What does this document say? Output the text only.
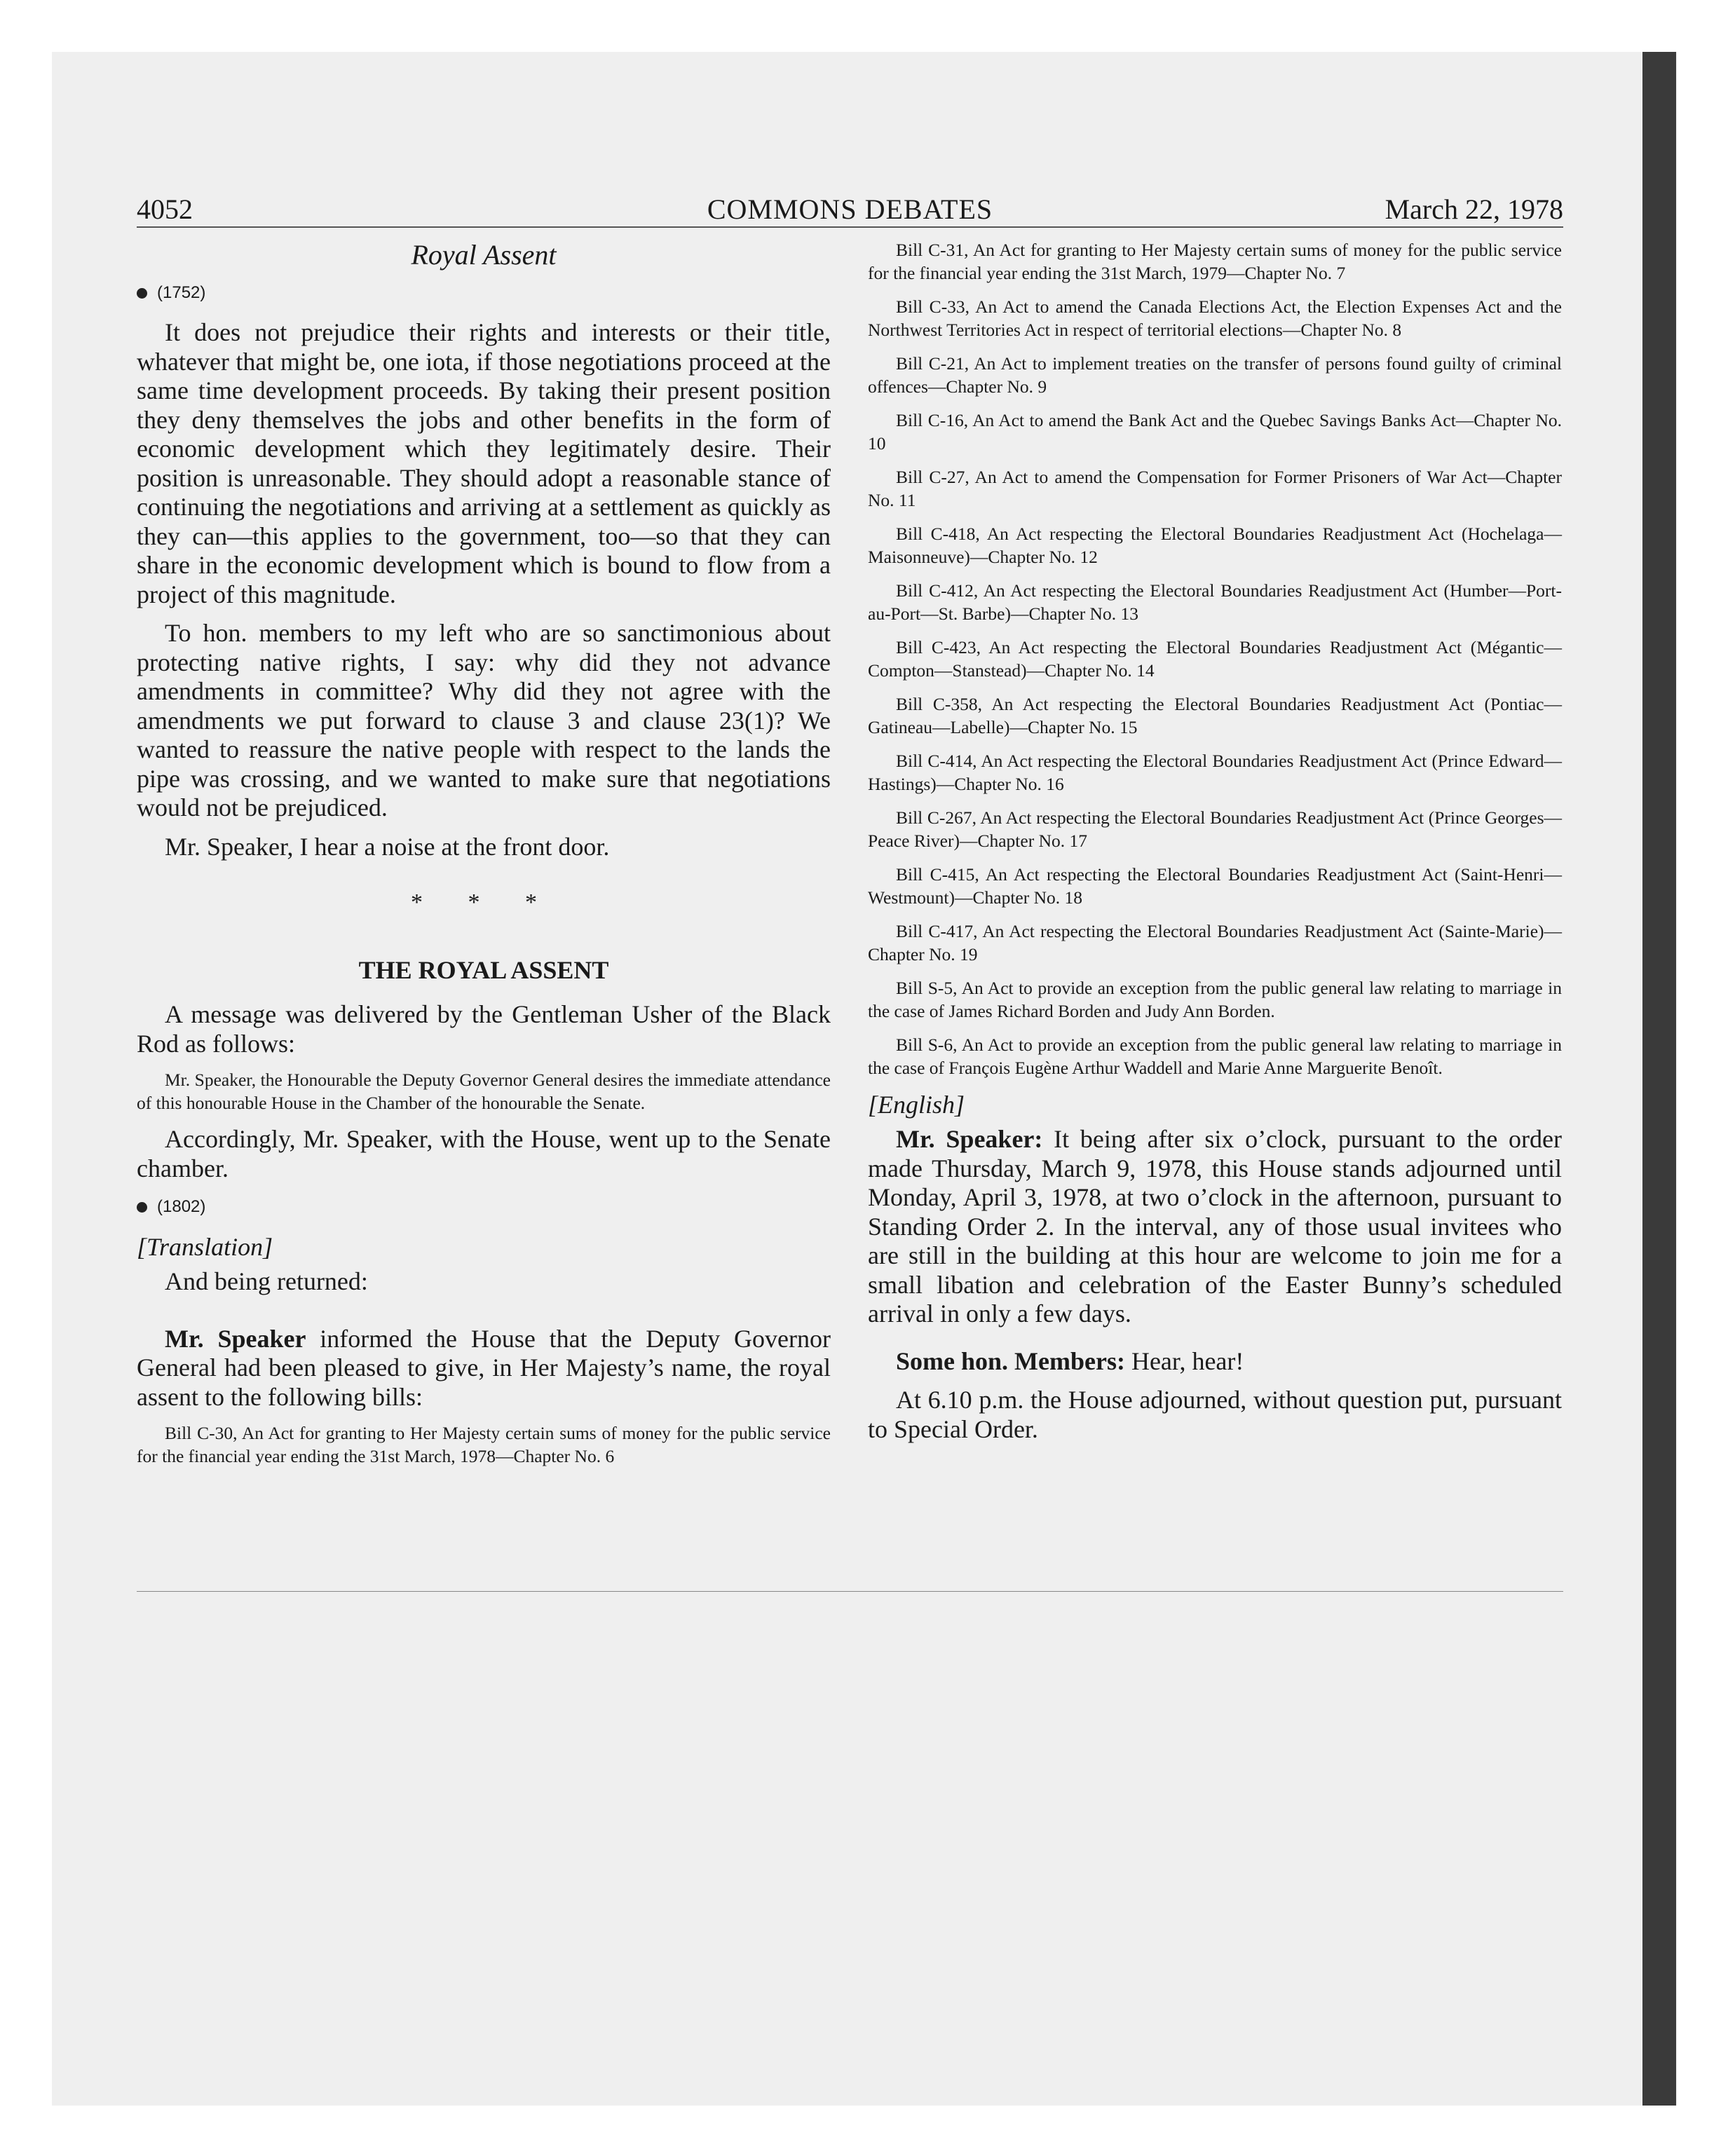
4052	COMMONS DEBATES	March 22, 1978
Royal Assent
(1752)

It does not prejudice their rights and interests or their title, whatever that might be, one iota, if those negotiations proceed at the same time development proceeds. By taking their present position they deny themselves the jobs and other benefits in the form of economic development which they legitimately desire. Their position is unreasonable. They should adopt a reasonable stance of continuing the negotiations and arriving at a settlement as quickly as they can—this applies to the government, too—so that they can share in the economic development which is bound to flow from a project of this magnitude.

To hon. members to my left who are so sanctimonious about protecting native rights, I say: why did they not advance amendments in committee? Why did they not agree with the amendments we put forward to clause 3 and clause 23(1)? We wanted to reassure the native people with respect to the lands the pipe was crossing, and we wanted to make sure that negotiations would not be prejudiced.

Mr. Speaker, I hear a noise at the front door.

* * *
THE ROYAL ASSENT

A message was delivered by the Gentleman Usher of the Black Rod as follows:

Mr. Speaker, the Honourable the Deputy Governor General desires the immediate attendance of this honourable House in the Chamber of the honourable the Senate.

Accordingly, Mr. Speaker, with the House, went up to the Senate chamber.

(1802)
[Translation]

And being returned:

Mr. Speaker informed the House that the Deputy Governor General had been pleased to give, in Her Majesty’s name, the royal assent to the following bills:

Bill C-30, An Act for granting to Her Majesty certain sums of money for the public service for the financial year ending the 31st March, 1978—Chapter No. 6

Bill C-31, An Act for granting to Her Majesty certain sums of money for the public service for the financial year ending the 31st March, 1979—Chapter No. 7

Bill C-33, An Act to amend the Canada Elections Act, the Election Expenses Act and the Northwest Territories Act in respect of territorial elections—Chapter No. 8

Bill C-21, An Act to implement treaties on the transfer of persons found guilty of criminal offences—Chapter No. 9

Bill C-16, An Act to amend the Bank Act and the Quebec Savings Banks Act—Chapter No. 10

Bill C-27, An Act to amend the Compensation for Former Prisoners of War Act—Chapter No. 11

Bill C-418, An Act respecting the Electoral Boundaries Readjustment Act (Hochelaga—Maisonneuve)—Chapter No. 12

Bill C-412, An Act respecting the Electoral Boundaries Readjustment Act (Humber—Port-au-Port—St. Barbe)—Chapter No. 13

Bill C-423, An Act respecting the Electoral Boundaries Readjustment Act (Mégantic—Compton—Stanstead)—Chapter No. 14

Bill C-358, An Act respecting the Electoral Boundaries Readjustment Act (Pontiac—Gatineau—Labelle)—Chapter No. 15

Bill C-414, An Act respecting the Electoral Boundaries Readjustment Act (Prince Edward—Hastings)—Chapter No. 16

Bill C-267, An Act respecting the Electoral Boundaries Readjustment Act (Prince Georges—Peace River)—Chapter No. 17

Bill C-415, An Act respecting the Electoral Boundaries Readjustment Act (Saint-Henri—Westmount)—Chapter No. 18

Bill C-417, An Act respecting the Electoral Boundaries Readjustment Act (Sainte-Marie)—Chapter No. 19

Bill S-5, An Act to provide an exception from the public general law relating to marriage in the case of James Richard Borden and Judy Ann Borden.

Bill S-6, An Act to provide an exception from the public general law relating to marriage in the case of François Eugène Arthur Waddell and Marie Anne Marguerite Benoît.

[English]

Mr. Speaker: It being after six o’clock, pursuant to the order made Thursday, March 9, 1978, this House stands adjourned until Monday, April 3, 1978, at two o’clock in the afternoon, pursuant to Standing Order 2. In the interval, any of those usual invitees who are still in the building at this hour are welcome to join me for a small libation and celebration of the Easter Bunny’s scheduled arrival in only a few days.

Some hon. Members: Hear, hear!

At 6.10 p.m. the House adjourned, without question put, pursuant to Special Order.
